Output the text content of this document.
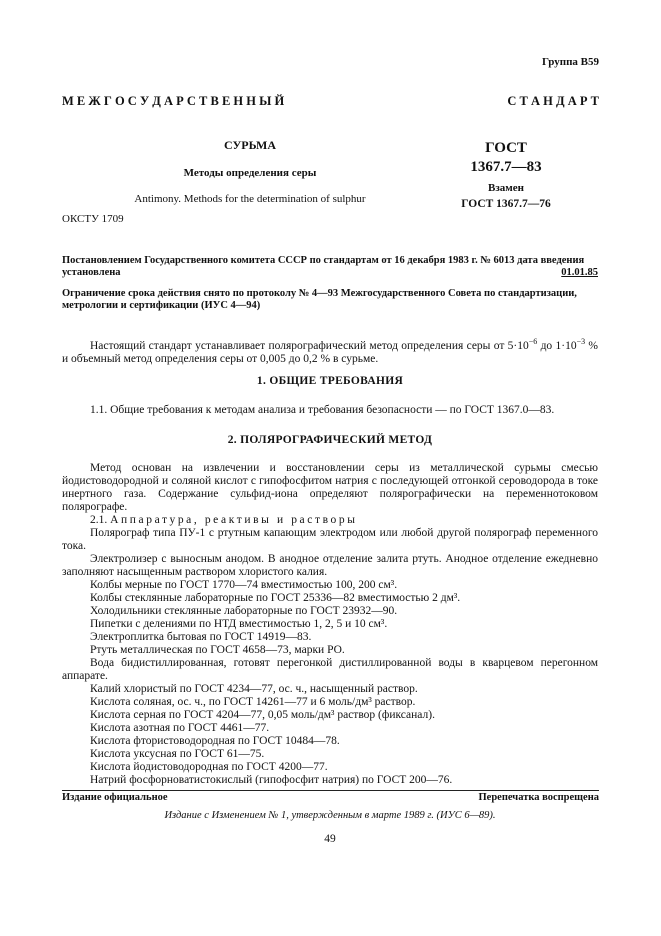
Группа В59
М Е Ж Г О С У Д А Р С Т В Е Н Н Ы Й	С Т А Н Д А Р Т
СУРЬМА
Методы определения серы
Antimony. Methods for the determination of sulphur
ГОСТ
1367.7—83
Взамен
ГОСТ 1367.7—76
ОКСТУ 1709
Постановлением Государственного комитета СССР по стандартам от 16 декабря 1983 г. № 6013 дата введения установлена	01.01.85
Ограничение срока действия снято по протоколу № 4—93 Межгосударственного Совета по стандартизации, метрологии и сертификации (ИУС 4—94)
Настоящий стандарт устанавливает полярографический метод определения серы от $5\cdot 10^{-6}$ до $1\cdot 10^{-3}$ % и объемный метод определения серы от 0,005 до 0,2 % в сурьме.
1. ОБЩИЕ ТРЕБОВАНИЯ
1.1. Общие требования к методам анализа и требования безопасности — по ГОСТ 1367.0—83.
2. ПОЛЯРОГРАФИЧЕСКИЙ МЕТОД
Метод основан на извлечении и восстановлении серы из металлической сурьмы смесью йодистоводородной и соляной кислот с гипофосфитом натрия с последующей отгонкой сероводорода в токе инертного газа. Содержание сульфид-иона определяют полярографически на переменнотоковом полярографе.
2.1. Аппаратура, реактивы и растворы
Полярограф типа ПУ-1 с ртутным капающим электродом или любой другой полярограф переменного тока.
Электролизер с выносным анодом. В анодное отделение залита ртуть. Анодное отделение ежедневно заполняют насыщенным раствором хлористого калия.
Колбы мерные по ГОСТ 1770—74 вместимостью 100, 200 см³.
Колбы стеклянные лабораторные по ГОСТ 25336—82 вместимостью 2 дм³.
Холодильники стеклянные лабораторные по ГОСТ 23932—90.
Пипетки с делениями по НТД вместимостью 1, 2, 5 и 10 см³.
Электроплитка бытовая по ГОСТ 14919—83.
Ртуть металлическая по ГОСТ 4658—73, марки РО.
Вода бидистиллированная, готовят перегонкой дистиллированной воды в кварцевом перегонном аппарате.
Калий хлористый по ГОСТ 4234—77, ос. ч., насыщенный раствор.
Кислота соляная, ос. ч., по ГОСТ 14261—77 и 6 моль/дм³ раствор.
Кислота серная по ГОСТ 4204—77, 0,05 моль/дм³ раствор (фиксанал).
Кислота азотная по ГОСТ 4461—77.
Кислота фтористоводородная по ГОСТ 10484—78.
Кислота уксусная по ГОСТ 61—75.
Кислота йодистоводородная по ГОСТ 4200—77.
Натрий фосфорноватистокислый (гипофосфит натрия) по ГОСТ 200—76.
Издание официальное	Перепечатка воспрещена
Издание с Изменением № 1, утвержденным в марте 1989 г. (ИУС 6—89).
49
